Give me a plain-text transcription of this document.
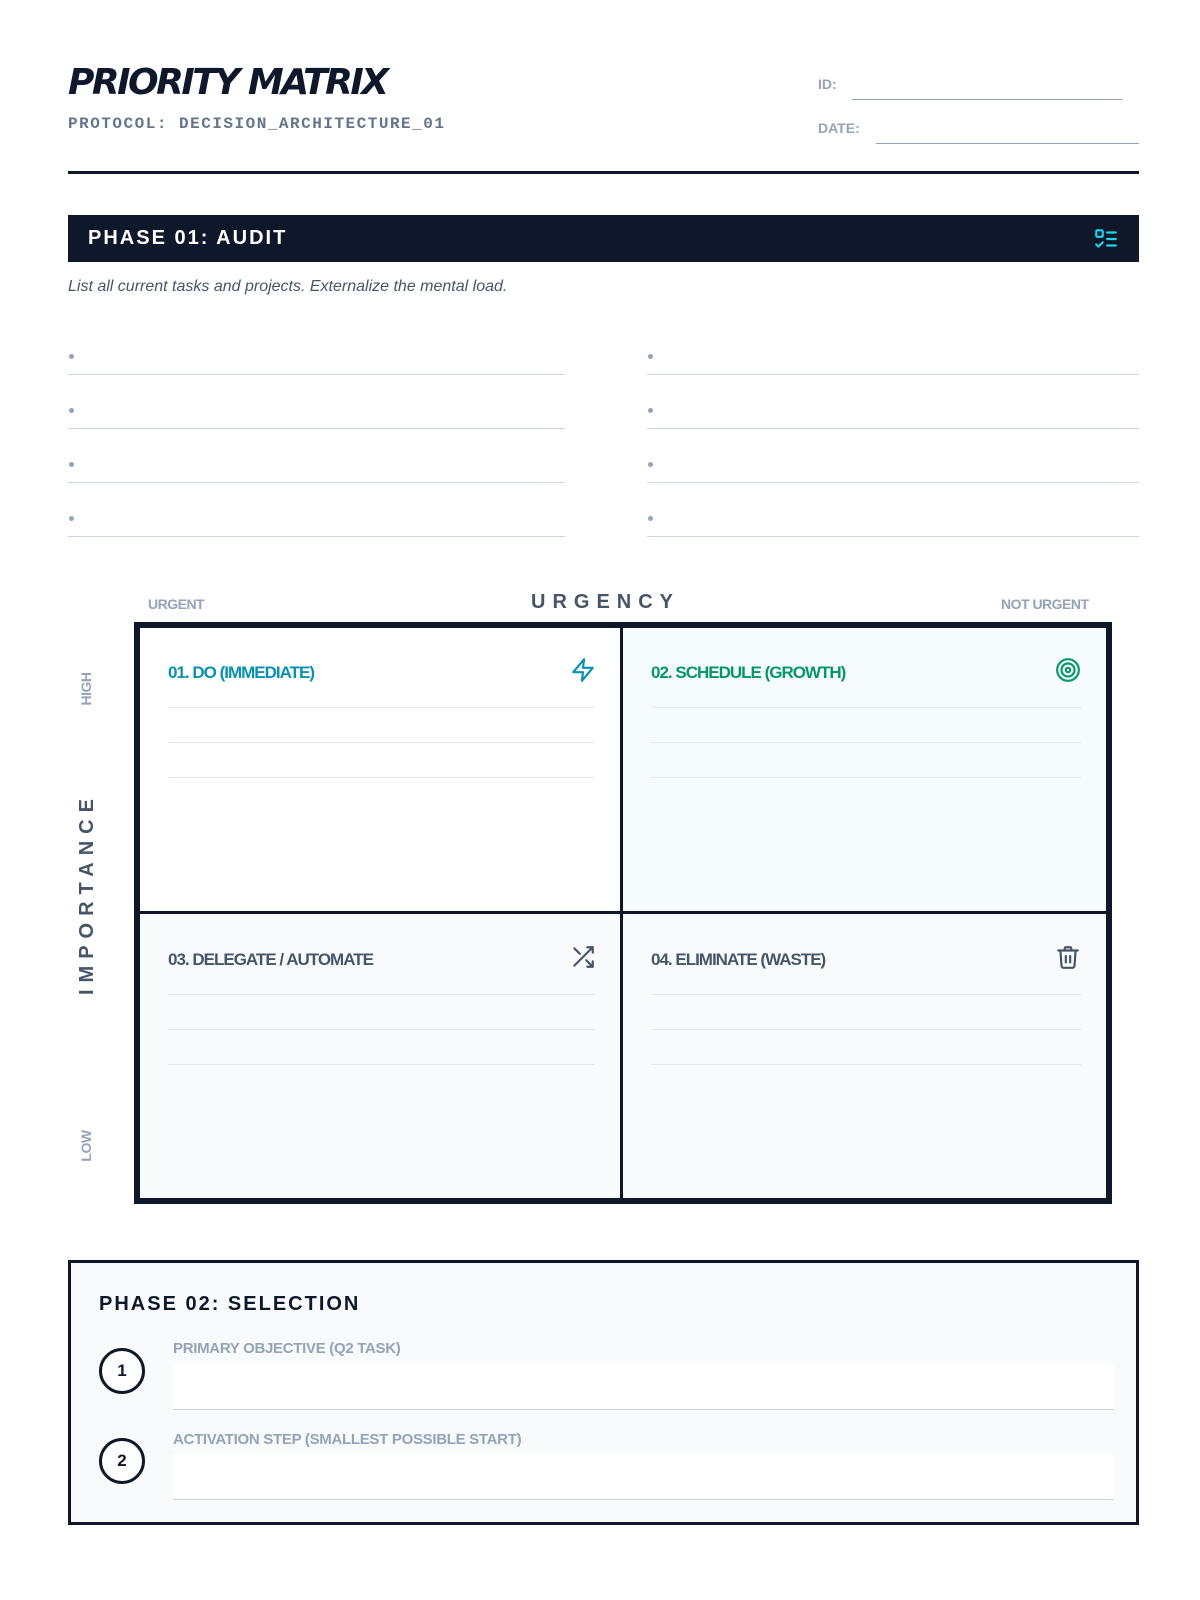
PRIORITY MATRIX
PROTOCOL: DECISION_ARCHITECTURE_01
ID:
DATE:
PHASE 01: AUDIT
List all current tasks and projects. Externalize the mental load.
URGENT	URGENCY	NOT URGENT
HIGH
IMPORTANCE
LOW
01. DO (IMMEDIATE)	02. SCHEDULE (GROWTH)
03. DELEGATE / AUTOMATE	04. ELIMINATE (WASTE)
PHASE 02: SELECTION
1
PRIMARY OBJECTIVE (Q2 TASK)
2
ACTIVATION STEP (SMALLEST POSSIBLE START)
